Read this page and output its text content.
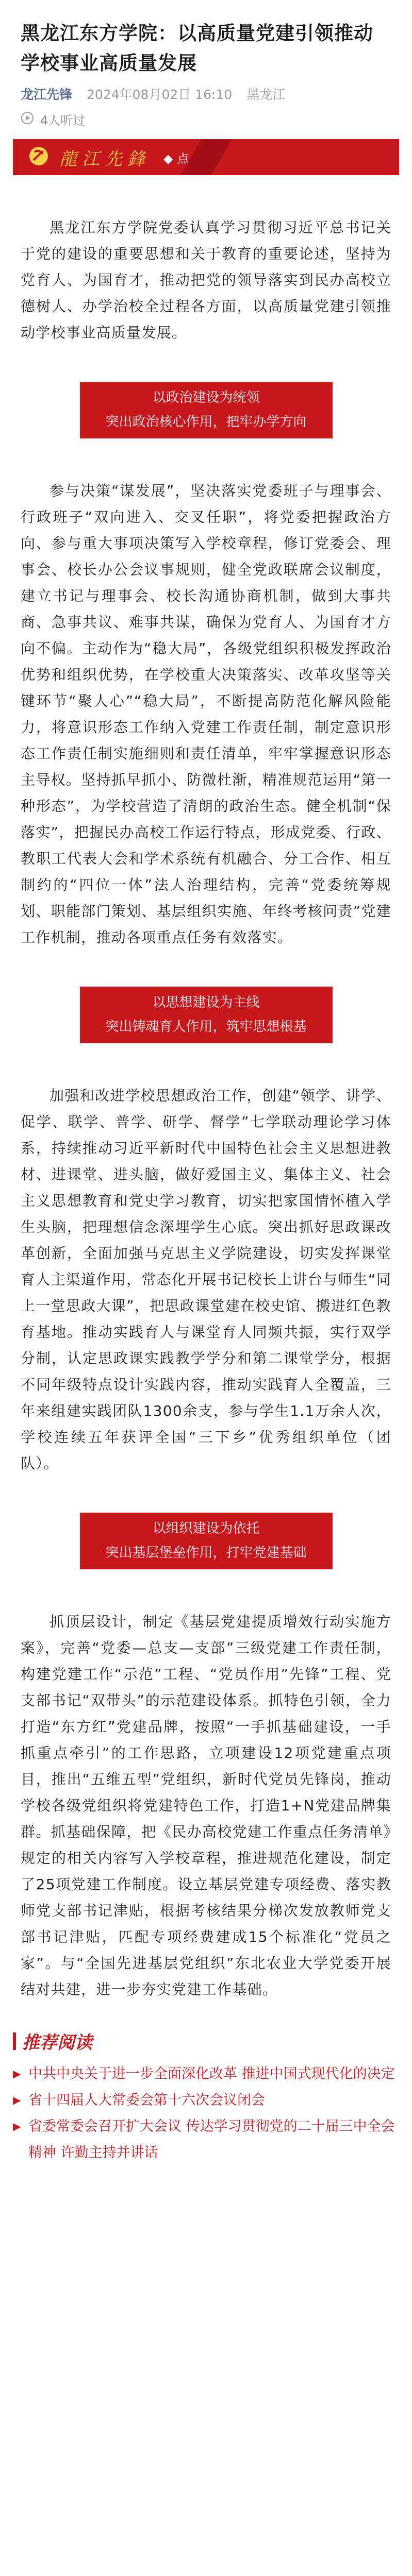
黑龙江东方学院：以高质量党建引领推动学校事业高质量发展
龙江先锋 2024年08月02日 16:10 黑龙江
4人听过
龍江先鋒 ◆ 点

黑龙江东方学院党委认真学习贯彻习近平总书记关于党的建设的重要思想和关于教育的重要论述，坚持为党育人、为国育才，推动把党的领导落实到民办高校立德树人、办学治校全过程各方面，以高质量党建引领推动学校事业高质量发展。

以政治建设为统领
突出政治核心作用，把牢办学方向

参与决策“谋发展”，坚决落实党委班子与理事会、行政班子“双向进入、交叉任职”，将党委把握政治方向、参与重大事项决策写入学校章程，修订党委会、理事会、校长办公会议事规则，健全党政联席会议制度，建立书记与理事会、校长沟通协商机制，做到大事共商、急事共议、难事共谋，确保为党育人、为国育才方向不偏。主动作为“稳大局”，各级党组织积极发挥政治优势和组织优势，在学校重大决策落实、改革攻坚等关键环节“聚人心”“稳大局”，不断提高防范化解风险能力，将意识形态工作纳入党建工作责任制，制定意识形态工作责任制实施细则和责任清单，牢牢掌握意识形态主导权。坚持抓早抓小、防微杜渐，精准规范运用“第一种形态”，为学校营造了清朗的政治生态。健全机制“保落实”，把握民办高校工作运行特点，形成党委、行政、教职工代表大会和学术系统有机融合、分工合作、相互制约的“四位一体”法人治理结构，完善“党委统筹规划、职能部门策划、基层组织实施、年终考核问责”党建工作机制，推动各项重点任务有效落实。

以思想建设为主线
突出铸魂育人作用，筑牢思想根基

加强和改进学校思想政治工作，创建“领学、讲学、促学、联学、普学、研学、督学”七学联动理论学习体系，持续推动习近平新时代中国特色社会主义思想进教材、进课堂、进头脑，做好爱国主义、集体主义、社会主义思想教育和党史学习教育，切实把家国情怀植入学生头脑，把理想信念深埋学生心底。突出抓好思政课改革创新，全面加强马克思主义学院建设，切实发挥课堂育人主渠道作用，常态化开展书记校长上讲台与师生“同上一堂思政大课”，把思政课堂建在校史馆、搬进红色教育基地。推动实践育人与课堂育人同频共振，实行双学分制，认定思政课实践教学学分和第二课堂学分，根据不同年级特点设计实践内容，推动实践育人全覆盖，三年来组建实践团队1300余支，参与学生1.1万余人次，学校连续五年获评全国“三下乡”优秀组织单位（团队）。

以组织建设为依托
突出基层堡垒作用，打牢党建基础

抓顶层设计，制定《基层党建提质增效行动实施方案》，完善“党委—总支—支部”三级党建工作责任制，构建党建工作“示范”工程、“党员作用”先锋”工程、党支部书记“双带头”的示范建设体系。抓特色引领，全力打造“东方红”党建品牌，按照“一手抓基础建设，一手抓重点牵引”的工作思路，立项建设12项党建重点项目，推出“五维五型”党组织，新时代党员先锋岗，推动学校各级党组织将党建特色工作，打造1+N党建品牌集群。抓基础保障，把《民办高校党建工作重点任务清单》规定的相关内容写入学校章程，推进规范化建设，制定了25项党建工作制度。设立基层党建专项经费、落实教师党支部书记津贴，根据考核结果分梯次发放教师党支部书记津贴，匹配专项经费建成15个标准化“党员之家”。与“全国先进基层党组织”东北农业大学党委开展结对共建，进一步夯实党建工作基础。

推荐阅读
▶ 中共中央关于进一步全面深化改革 推进中国式现代化的决定
▶ 省十四届人大常委会第十六次会议闭会
▶ 省委常委会召开扩大会议 传达学习贯彻党的二十届三中全会精神 许勤主持并讲话
